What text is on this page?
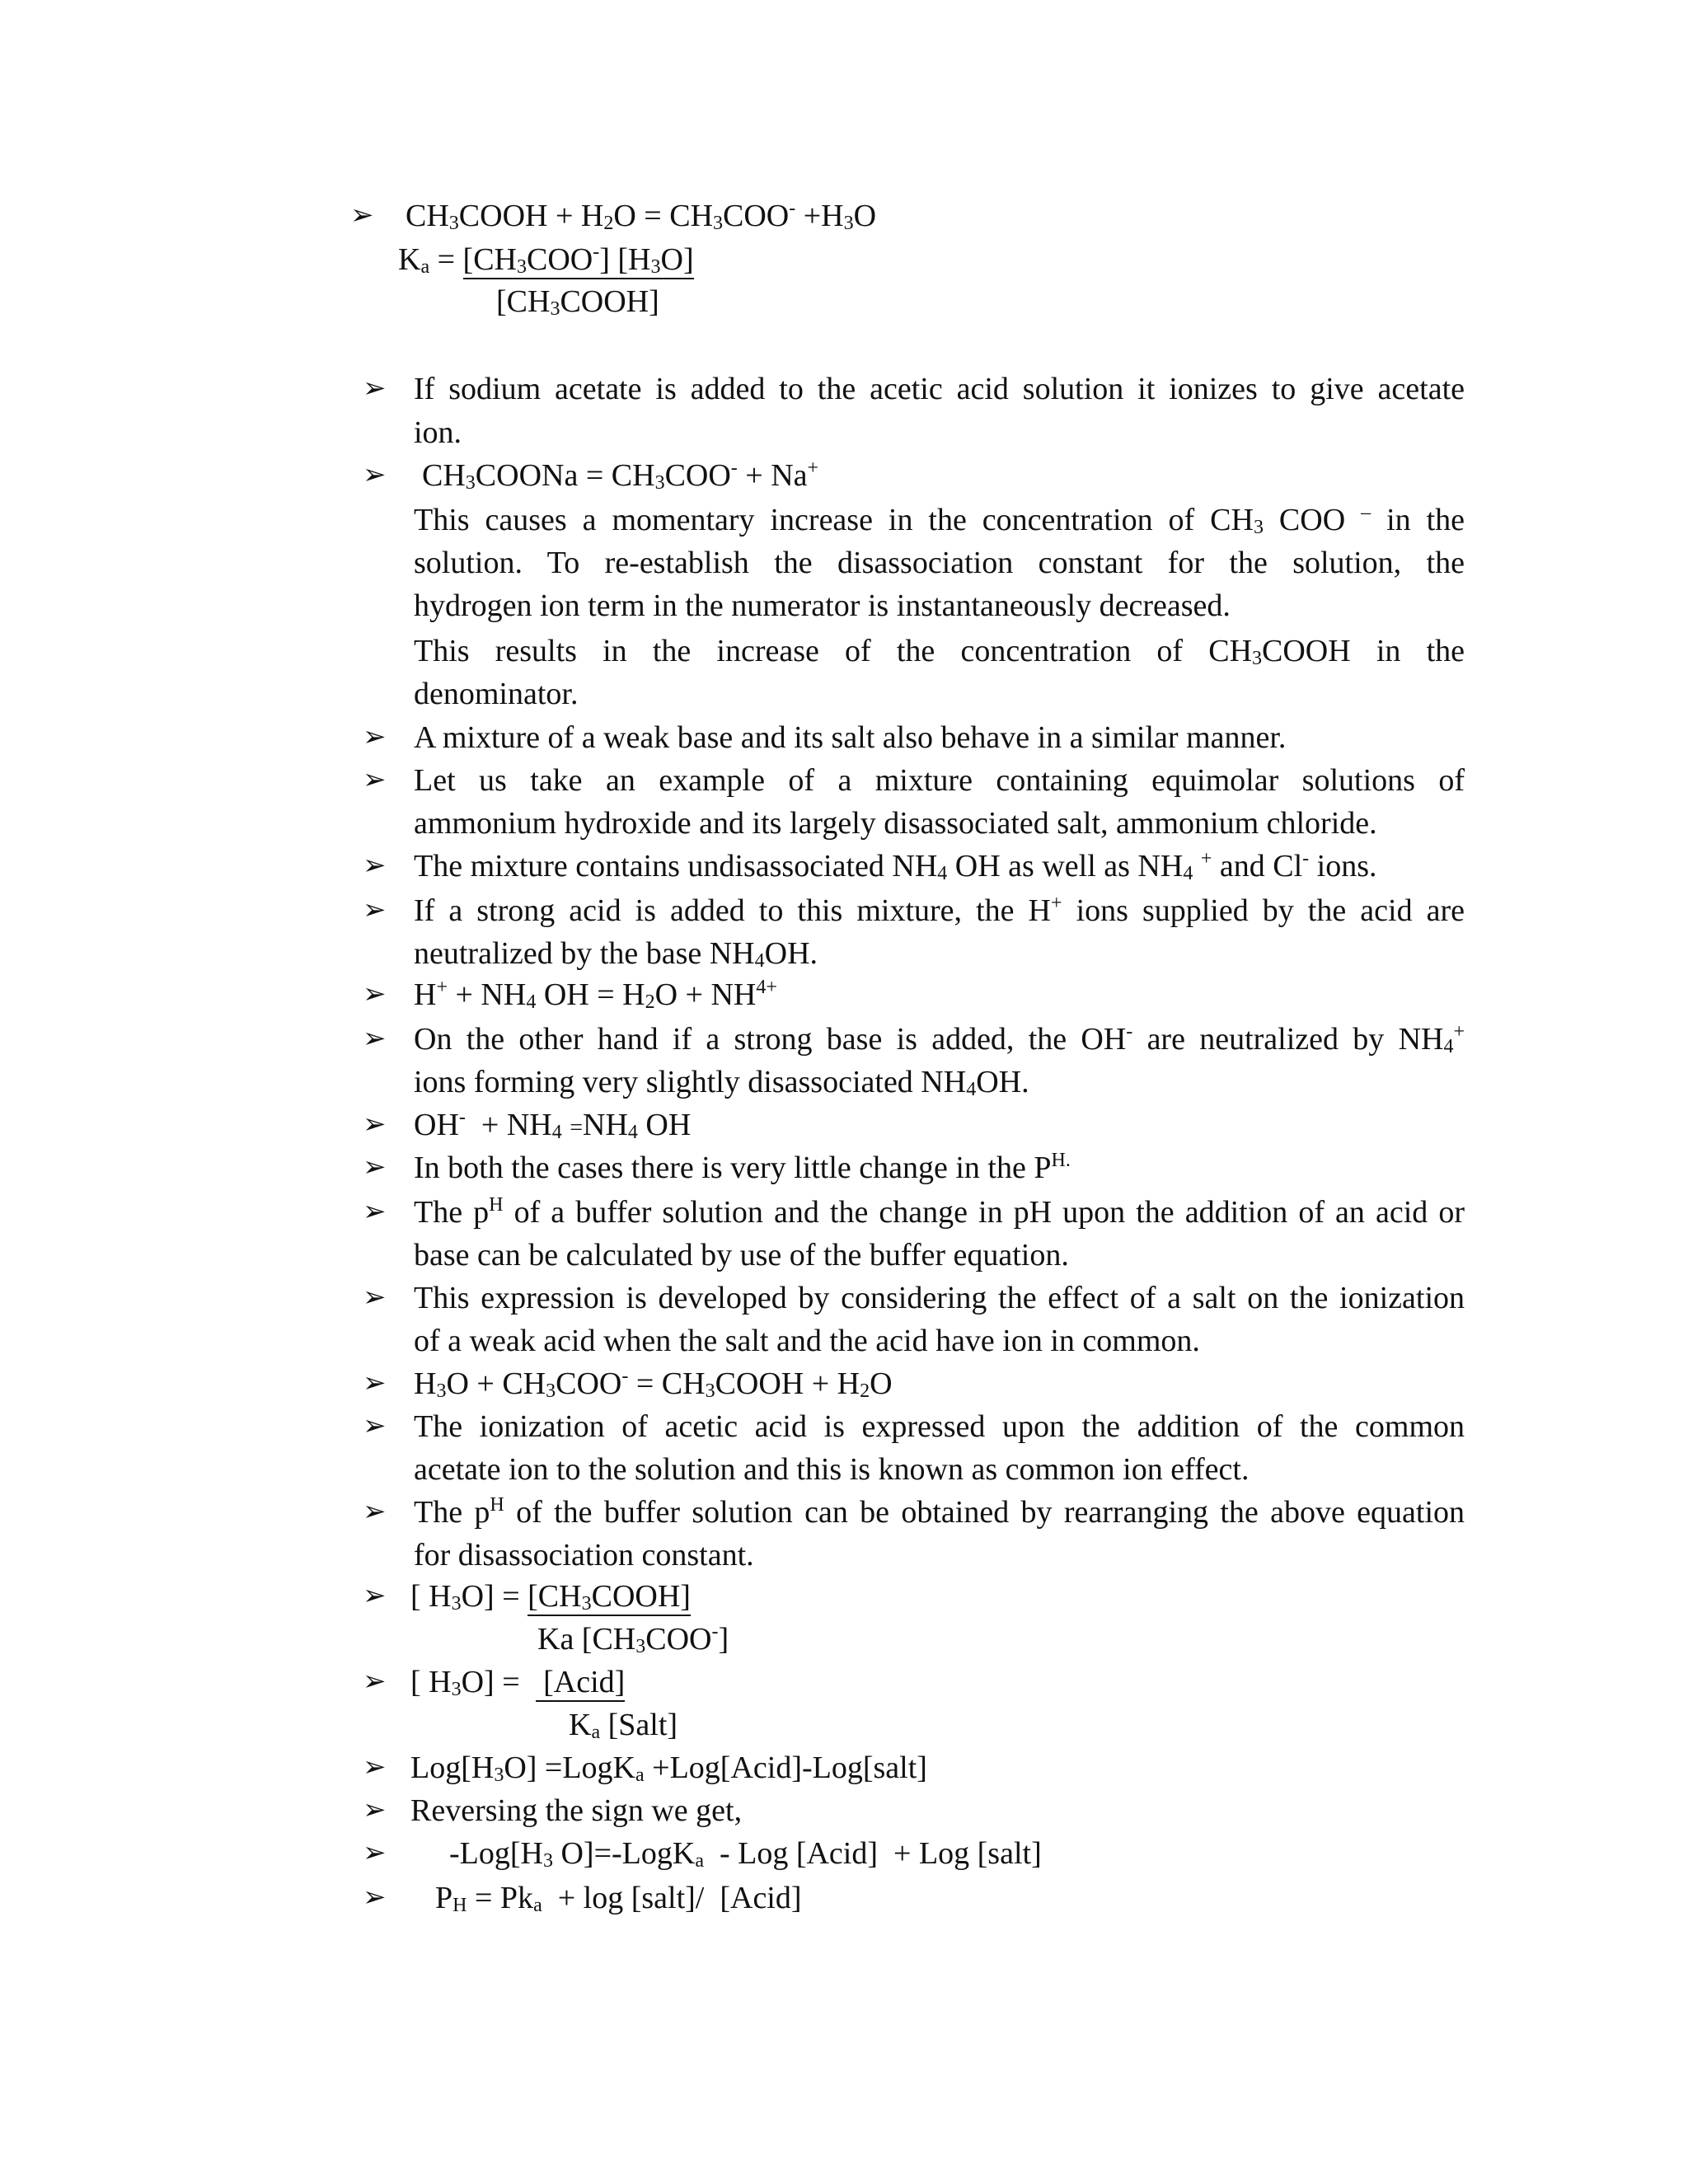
➢ $CH_3COOH + H_2O = CH_3COO^- +H_3O$
$K_a = [CH_3COO^-]$ $[H_3O]$
$[CH_3COOH]$
➢ If sodium acetate is added to the acetic acid solution it ionizes to give acetate
ion.
➢ $CH_3COONa = CH_3COO^- + Na^+$
This causes a momentary increase in the concentration of $CH_3$ COO – in the
solution. To re-establish the disassociation constant for the solution, the
hydrogen ion term in the numerator is instantaneously decreased.
This results in the increase of the concentration of $CH_3COOH$ in the
denominator.
➢ A mixture of a weak base and its salt also behave in a similar manner.
➢ Let us take an example of a mixture containing equimolar solutions of
ammonium hydroxide and its largely disassociated salt, ammonium chloride.
➢ The mixture contains undisassociated $NH_4$ OH as well as $NH_4$ + and Cl- ions.
➢ If a strong acid is added to this mixture, the H+ ions supplied by the acid are
neutralized by the base $NH_4OH$.
➢ $H^+ + NH_4$ OH = $H_2O + NH^{4+}$
➢ On the other hand if a strong base is added, the OH- are neutralized by $NH_4^+$
ions forming very slightly disassociated $NH_4OH$.
➢ $OH^- + NH_4 =NH_4$ OH
➢ In both the cases there is very little change in the $P^{H.}$
➢ The $p^H$ of a buffer solution and the change in pH upon the addition of an acid or
base can be calculated by use of the buffer equation.
➢ This expression is developed by considering the effect of a salt on the ionization
of a weak acid when the salt and the acid have ion in common.
➢ $H_3O + CH_3COO^-$ = $CH_3COOH + H_2O$
➢ The ionization of acetic acid is expressed upon the addition of the common
acetate ion to the solution and this is known as common ion effect.
➢ The $p^H$ of the buffer solution can be obtained by rearranging the above equation
for disassociation constant.
➢ [ $H_3O$] = $[CH_3COOH]$
Ka $[CH_3COO^-]$
➢ [ $H_3O$] =   [Acid]
$K_a$ [Salt]
➢ $Log[H_3O]$ =LogK$_a$ +Log[Acid]-Log[salt]
➢ Reversing the sign we get,
➢ $-Log[H_3$ O]=-LogK$_a$  - Log [Acid]  + Log [salt]
➢ $P_H = Pk_a + \log$ [salt]/  [Acid]
